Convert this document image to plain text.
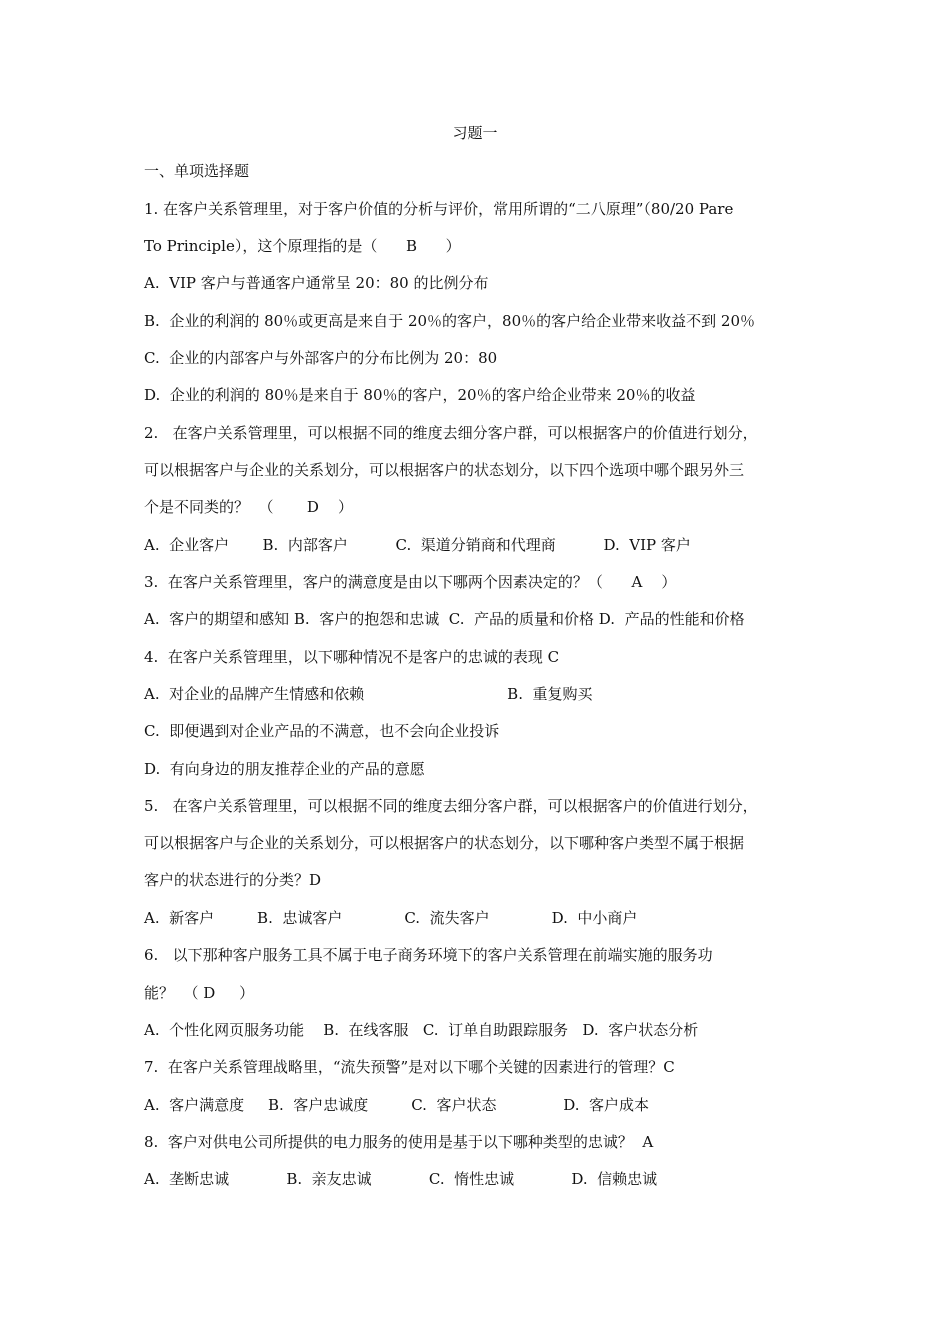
习题一
一、单项选择题
1. 在客户关系管理里，对于客户价值的分析与评价，常用所谓的“二八原理”（80/20 Pare
To Principle），这个原理指的是（      B      ）
A.  VIP 客户与普通客户通常呈 20：80 的比例分布
B.  企业的利润的 80％或更高是来自于 20％的客户，80％的客户给企业带来收益不到 20％
C.  企业的内部客户与外部客户的分布比例为 20：80
D.  企业的利润的 80％是来自于 80％的客户，20％的客户给企业带来 20％的收益
2.   在客户关系管理里，可以根据不同的维度去细分客户群，可以根据客户的价值进行划分，
可以根据客户与企业的关系划分，可以根据客户的状态划分，以下四个选项中哪个跟另外三
个是不同类的？  （       D    ）
A.  企业客户       B.  内部客户          C.  渠道分销商和代理商          D.  VIP 客户
3.  在客户关系管理里，客户的满意度是由以下哪两个因素决定的？（      A    ）
A.  客户的期望和感知 B.  客户的抱怨和忠诚  C.  产品的质量和价格 D.  产品的性能和价格
4.  在客户关系管理里，以下哪种情况不是客户的忠诚的表现 C
A.  对企业的品牌产生情感和依赖                              B.  重复购买
C.  即便遇到对企业产品的不满意，也不会向企业投诉
D.  有向身边的朋友推荐企业的产品的意愿
5.   在客户关系管理里，可以根据不同的维度去细分客户群，可以根据客户的价值进行划分，
可以根据客户与企业的关系划分，可以根据客户的状态划分，以下哪种客户类型不属于根据
客户的状态进行的分类？D
A.  新客户         B.  忠诚客户             C.  流失客户             D.  中小商户
6.   以下那种客户服务工具不属于电子商务环境下的客户关系管理在前端实施的服务功
能？  （ D     ）
A.  个性化网页服务功能    B.  在线客服   C.  订单自助跟踪服务   D.  客户状态分析
7.  在客户关系管理战略里，“流失预警”是对以下哪个关键的因素进行的管理？C
A.  客户满意度     B.  客户忠诚度         C.  客户状态              D.  客户成本
8.  客户对供电公司所提供的电力服务的使用是基于以下哪种类型的忠诚？  A
A.  垄断忠诚            B.  亲友忠诚            C.  惰性忠诚            D.  信赖忠诚
